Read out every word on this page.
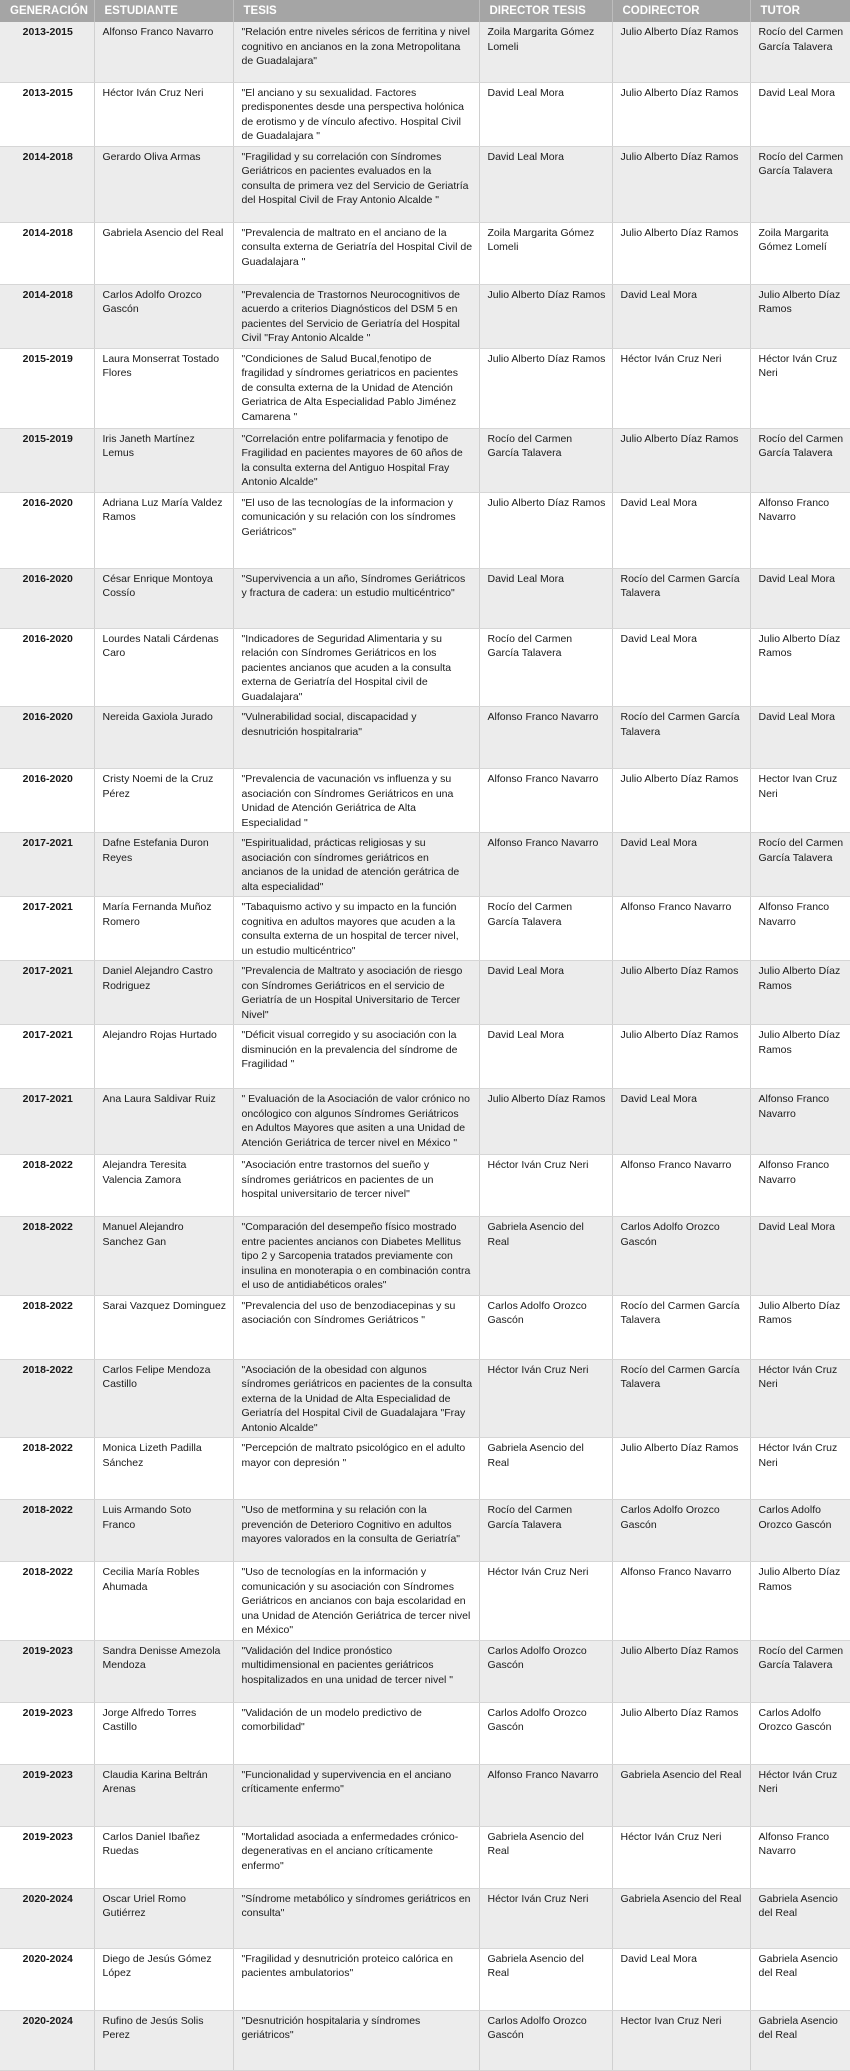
GENERACIÓN	ESTUDIANTE	TESIS	DIRECTOR TESIS	CODIRECTOR	TUTOR
2013-2015	Alfonso Franco Navarro	"Relación entre niveles séricos de ferritina y nivel cognitivo en ancianos en la zona Metropolitana de Guadalajara"	Zoila Margarita Gómez Lomeli	Julio Alberto Díaz Ramos	Rocío del Carmen García Talavera
2013-2015	Héctor Iván Cruz Neri	"El anciano y su sexualidad. Factores predisponentes desde una perspectiva holónica de erotismo y de vínculo afectivo. Hospital Civil de Guadalajara "	David Leal Mora	Julio Alberto Díaz Ramos	David Leal Mora
2014-2018	Gerardo Oliva Armas	"Fragilidad y su correlación con Síndromes Geriátricos en pacientes evaluados en la consulta de primera vez del Servicio de Geriatría del Hospital Civil de Fray Antonio Alcalde "	David Leal Mora	Julio Alberto Díaz Ramos	Rocío del Carmen García Talavera
2014-2018	Gabriela Asencio del Real	"Prevalencia de maltrato en el anciano de la consulta externa de Geriatría del Hospital Civil de Guadalajara "	Zoila Margarita Gómez Lomeli	Julio Alberto Díaz Ramos	Zoila Margarita Gómez Lomelí
2014-2018	Carlos Adolfo Orozco Gascón	"Prevalencia de Trastornos Neurocognitivos de acuerdo a criterios Diagnósticos del DSM 5 en pacientes del Servicio de Geriatría del Hospital Civil "Fray Antonio Alcalde "	Julio Alberto Díaz Ramos	David Leal Mora	Julio Alberto Díaz Ramos
2015-2019	Laura Monserrat Tostado Flores	"Condiciones de Salud Bucal,fenotipo de fragilidad y síndromes geriatricos en pacientes de consulta externa de la Unidad de Atención Geriatrica de Alta Especialidad Pablo Jiménez Camarena "	Julio Alberto Díaz Ramos	Héctor Iván Cruz Neri	Héctor Iván Cruz Neri
2015-2019	Iris Janeth Martínez Lemus	"Correlación entre polifarmacia y fenotipo de Fragilidad en pacientes mayores de 60 años de la consulta externa del Antiguo Hospital Fray Antonio Alcalde"	Rocío del Carmen García Talavera	Julio Alberto Díaz Ramos	Rocío del Carmen García Talavera
2016-2020	Adriana Luz María Valdez Ramos	"El uso de las tecnologías de la informacion y comunicación y su relación con los síndromes Geriátricos"	Julio Alberto Díaz Ramos	David Leal Mora	Alfonso Franco Navarro
2016-2020	César Enrique Montoya Cossío	"Supervivencia a un año, Síndromes Geriátricos y fractura de cadera: un estudio multicéntrico"	David Leal Mora	Rocío del Carmen García Talavera	David Leal Mora
2016-2020	Lourdes Natali Cárdenas Caro	"Indicadores de Seguridad Alimentaria y su relación con Síndromes Geriátricos en los pacientes ancianos que acuden a la consulta externa de Geriatría del Hospital civil de Guadalajara"	Rocío del Carmen García Talavera	David Leal Mora	Julio Alberto Díaz Ramos
2016-2020	Nereida Gaxiola Jurado	"Vulnerabilidad social, discapacidad y desnutrición hospitalraria"	Alfonso Franco Navarro	Rocío del Carmen García Talavera	David Leal Mora
2016-2020	Cristy Noemi de la Cruz Pérez	"Prevalencia de vacunación vs influenza y su asociación con Síndromes Geriátricos en una Unidad de Atención Geriátrica de Alta Especialidad "	Alfonso Franco Navarro	Julio Alberto Díaz Ramos	Hector Ivan Cruz Neri
2017-2021	Dafne Estefania Duron Reyes	"Espiritualidad, prácticas religiosas y su asociación con síndromes geriátricos en ancianos de la unidad de atención gerátrica de alta especialidad"	Alfonso Franco Navarro	David Leal Mora	Rocío del Carmen García Talavera
2017-2021	María Fernanda Muñoz Romero	"Tabaquismo activo y su impacto en la función cognitiva en adultos mayores que acuden a la consulta externa de un hospital de tercer nivel, un estudio multicéntrico"	Rocío del Carmen García Talavera	Alfonso Franco Navarro	Alfonso Franco Navarro
2017-2021	Daniel Alejandro Castro Rodriguez	"Prevalencia de Maltrato y asociación de riesgo con Síndromes Geriátricos en el servicio de Geriatría de un Hospital Universitario de Tercer Nivel"	David Leal Mora	Julio Alberto Díaz Ramos	Julio Alberto Díaz Ramos
2017-2021	Alejandro Rojas Hurtado	"Déficit visual corregido y su asociación con la disminución en la prevalencia del síndrome de Fragilidad "	David Leal Mora	Julio Alberto Díaz Ramos	Julio Alberto Díaz Ramos
2017-2021	Ana Laura Saldivar Ruiz	" Evaluación de la Asociación de valor crónico no oncólogico con algunos Síndromes Geriátricos en Adultos Mayores que asiten a una Unidad de Atención Geriátrica de tercer nivel en México "	Julio Alberto Díaz Ramos	David Leal Mora	Alfonso Franco Navarro
2018-2022	Alejandra Teresita Valencia Zamora	"Asociación entre trastornos del sueño y síndromes geriátricos en pacientes de un hospital universitario de tercer nivel"	Héctor Iván Cruz Neri	Alfonso Franco Navarro	Alfonso Franco Navarro
2018-2022	Manuel Alejandro Sanchez Gan	"Comparación del desempeño físico mostrado entre pacientes ancianos con Diabetes Mellitus tipo 2 y Sarcopenia tratados previamente con insulina en monoterapia o en combinación contra el uso de antidiabéticos orales"	Gabriela Asencio del Real	Carlos Adolfo Orozco Gascón	David Leal Mora
2018-2022	Sarai Vazquez Dominguez	"Prevalencia del uso de benzodiacepinas y su asociación con Síndromes Geriátricos "	Carlos Adolfo Orozco Gascón	Rocío del Carmen García Talavera	Julio Alberto Díaz Ramos
2018-2022	Carlos Felipe Mendoza Castillo	"Asociación de la obesidad con algunos síndromes geriátricos en pacientes de la consulta externa de la Unidad de Alta Especialidad de Geriatría del Hospital Civil de Guadalajara "Fray Antonio Alcalde"	Héctor Iván Cruz Neri	Rocío del Carmen García Talavera	Héctor Iván Cruz Neri
2018-2022	Monica Lizeth Padilla Sánchez	"Percepción de maltrato psicológico en el adulto mayor con depresión "	Gabriela Asencio del Real	Julio Alberto Díaz Ramos	Héctor Iván Cruz Neri
2018-2022	Luis Armando Soto Franco	"Uso de metformina y su relación con la prevención de Deterioro Cognitivo en adultos mayores valorados en la consulta de Geriatría"	Rocío del Carmen García Talavera	Carlos Adolfo Orozco Gascón	Carlos Adolfo Orozco Gascón
2018-2022	Cecilia María Robles Ahumada	"Uso de tecnologías en la información y comunicación y su asociación con Síndromes Geriátricos en ancianos con baja escolaridad en una Unidad de Atención Geriátrica de tercer nivel en México"	Héctor Iván Cruz Neri	Alfonso Franco Navarro	Julio Alberto Díaz Ramos
2019-2023	Sandra Denisse Amezola Mendoza	"Validación del Indice pronóstico multidimensional en pacientes geriátricos hospitalizados en una unidad de tercer nivel "	Carlos Adolfo Orozco Gascón	Julio Alberto Díaz Ramos	Rocío del Carmen García Talavera
2019-2023	Jorge Alfredo Torres Castillo	"Validación de un modelo predictivo de comorbilidad"	Carlos Adolfo Orozco Gascón	Julio Alberto Díaz Ramos	Carlos Adolfo Orozco Gascón
2019-2023	Claudia Karina Beltrán Arenas	"Funcionalidad y supervivencia en el anciano críticamente enfermo"	Alfonso Franco Navarro	Gabriela Asencio del Real	Héctor Iván Cruz Neri
2019-2023	Carlos Daniel Ibañez Ruedas	"Mortalidad asociada a enfermedades crónico-degenerativas en el anciano críticamente enfermo"	Gabriela Asencio del Real	Héctor Iván Cruz Neri	Alfonso Franco Navarro
2020-2024	Oscar Uriel Romo Gutiérrez	"Síndrome metabólico y síndromes geriátricos en consulta"	Héctor Iván Cruz Neri	Gabriela Asencio del Real	Gabriela Asencio del Real
2020-2024	Diego de Jesús Gómez López	"Fragilidad y desnutrición proteico calórica en pacientes ambulatorios"	Gabriela Asencio del Real	David Leal Mora	Gabriela Asencio del Real
2020-2024	Rufino de Jesús Solis Perez	"Desnutrición hospitalaria y síndromes geriátricos"	Carlos Adolfo Orozco Gascón	Hector Ivan Cruz Neri	Gabriela Asencio del Real
